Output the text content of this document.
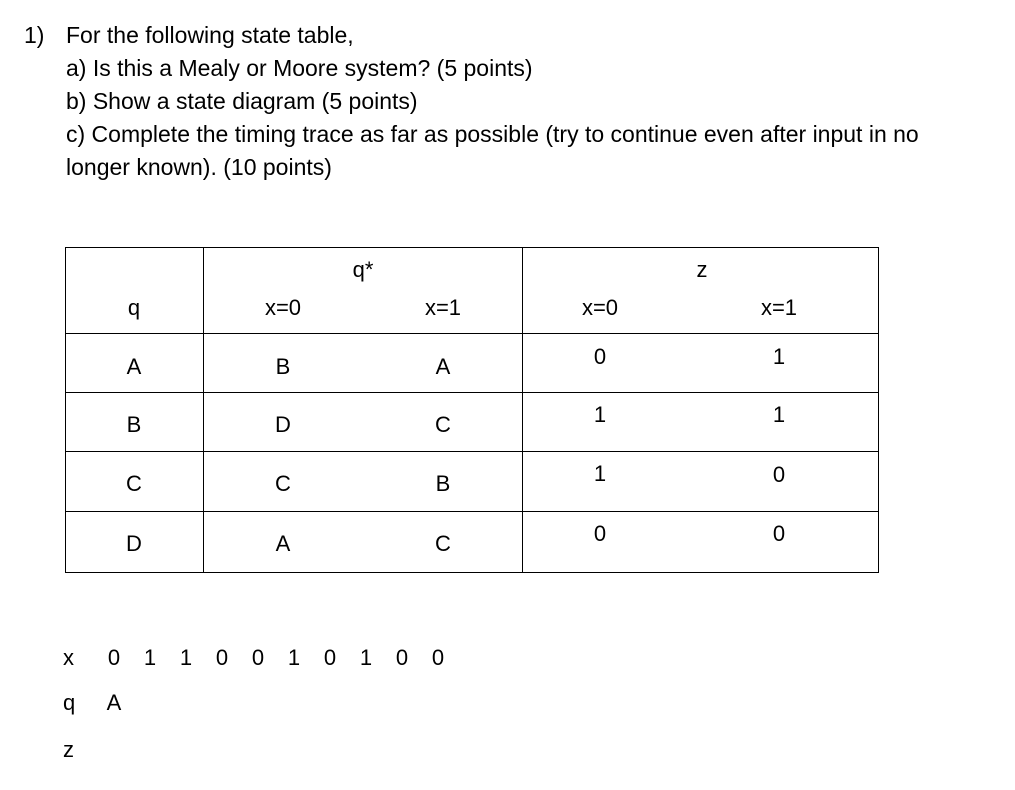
1) For the following state table,
a) Is this a Mealy or Moore system? (5 points)
b) Show a state diagram (5 points)
c) Complete the timing trace as far as possible (try to continue even after input in no
longer known). (10 points)
q*	z
q	x=0	x=1	x=0	x=1
A	B	A	0	1
B	D	C	1	1
C	C	B	1	0
D	A	C	0	0
x	0 1 1 0 0 1 0 1 0 0
q	A
z
